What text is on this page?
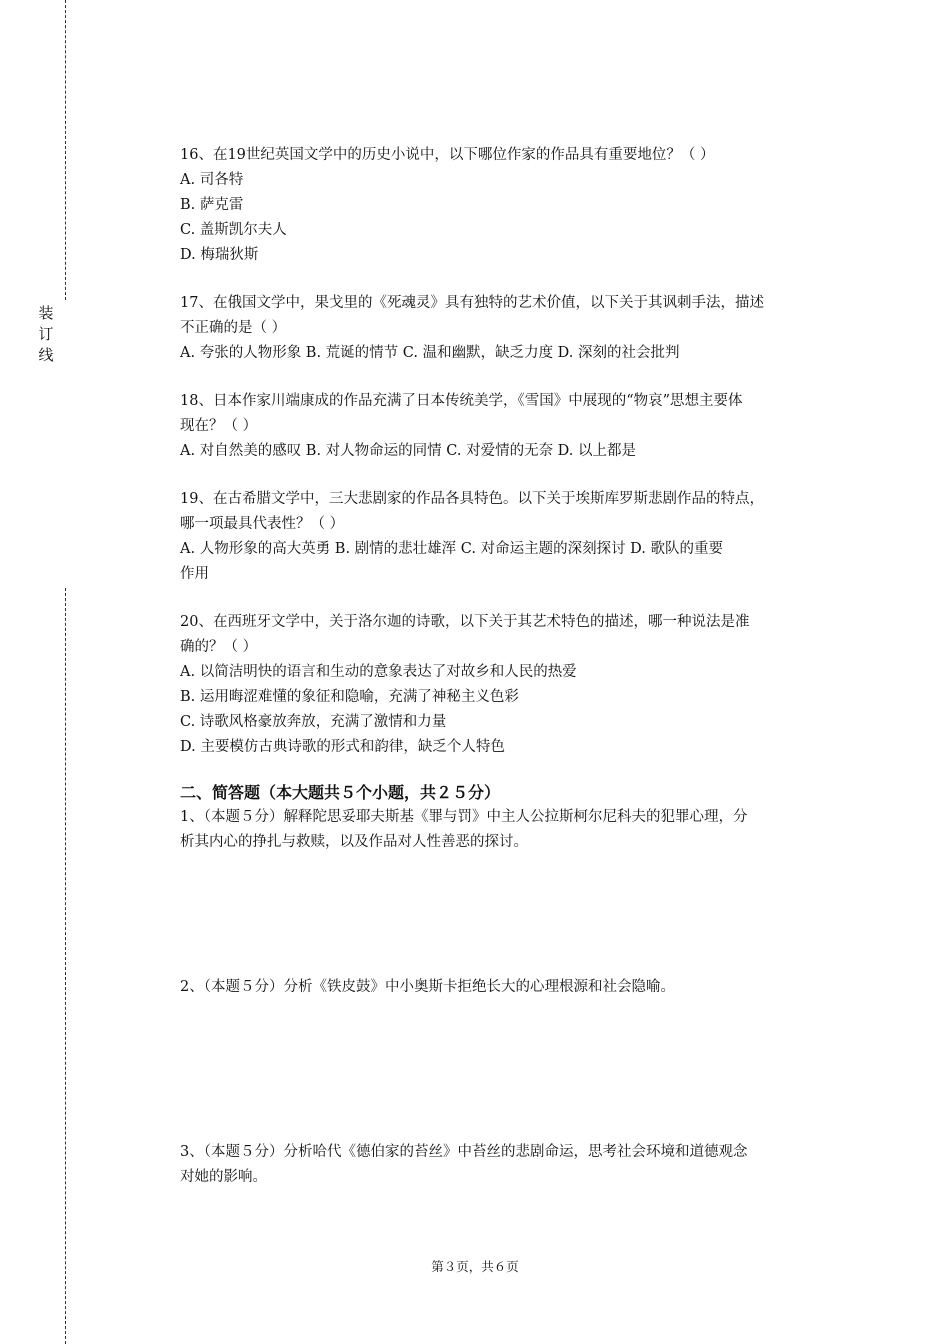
装订线
16、在19世纪英国文学中的历史小说中，以下哪位作家的作品具有重要地位？（ ）
A. 司各特
B. 萨克雷
C. 盖斯凯尔夫人
D. 梅瑞狄斯
17、在俄国文学中，果戈里的《死魂灵》具有独特的艺术价值，以下关于其讽刺手法，描述
不正确的是（ ）
A. 夸张的人物形象 B. 荒诞的情节 C. 温和幽默，缺乏力度 D. 深刻的社会批判
18、日本作家川端康成的作品充满了日本传统美学，《雪国》中展现的“物哀”思想主要体
现在？（ ）
A. 对自然美的感叹 B. 对人物命运的同情 C. 对爱情的无奈 D. 以上都是
19、在古希腊文学中，三大悲剧家的作品各具特色。以下关于埃斯库罗斯悲剧作品的特点，
哪一项最具代表性？（ ）
A. 人物形象的高大英勇 B. 剧情的悲壮雄浑 C. 对命运主题的深刻探讨 D. 歌队的重要
作用
20、在西班牙文学中，关于洛尔迦的诗歌，以下关于其艺术特色的描述，哪一种说法是准
确的？（ ）
A. 以简洁明快的语言和生动的意象表达了对故乡和人民的热爱
B. 运用晦涩难懂的象征和隐喻，充满了神秘主义色彩
C. 诗歌风格豪放奔放，充满了激情和力量
D. 主要模仿古典诗歌的形式和韵律，缺乏个人特色
二、简答题（本大题共５个小题，共２５分）
1、（本题５分）解释陀思妥耶夫斯基《罪与罚》中主人公拉斯柯尔尼科夫的犯罪心理，分
析其内心的挣扎与救赎，以及作品对人性善恶的探讨。
2、（本题５分）分析《铁皮鼓》中小奥斯卡拒绝长大的心理根源和社会隐喻。
3、（本题５分）分析哈代《德伯家的苔丝》中苔丝的悲剧命运，思考社会环境和道德观念
对她的影响。
第３页，共６页
